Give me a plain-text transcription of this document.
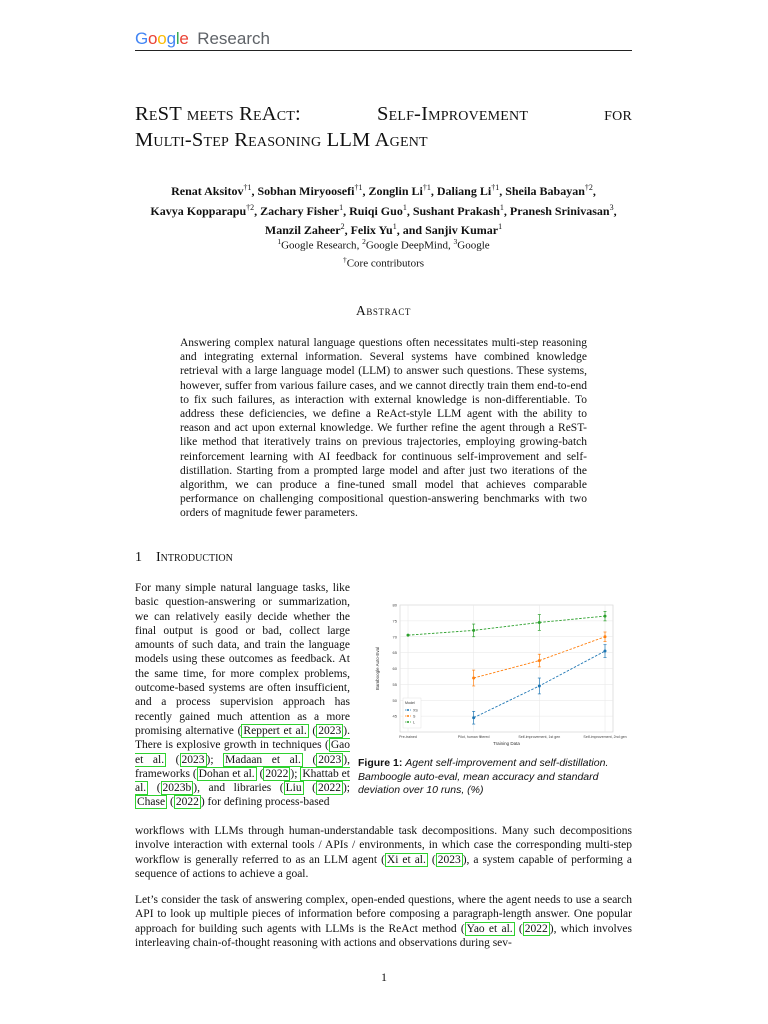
Google Research
ReST meets ReAct:	Self-Improvement	for
Multi-Step Reasoning LLM Agent
Renat Aksitov$^{\dagger 1}$, Sobhan Miryoosefi$^{\dagger 1}$, Zonglin Li$^{\dagger 1}$, Daliang Li$^{\dagger 1}$, Sheila Babayan$^{\dagger 2}$,
Kavya Kopparapu$^{\dagger 2}$, Zachary Fisher$^1$, Ruiqi Guo$^1$, Sushant Prakash$^1$, Pranesh Srinivasan$^3$,
Manzil Zaheer$^2$, Felix Yu$^1$, and Sanjiv Kumar$^1$
$^1$Google Research, $^2$Google DeepMind, $^3$Google
†Core contributors
Abstract
Answering complex natural language questions often necessitates multi-step reasoning and integrating external information. Several systems have combined knowledge retrieval with a large language model (LLM) to answer such questions. These systems, however, suffer from various failure cases, and we cannot directly train them end-to-end to fix such failures, as interaction with external knowledge is non-differentiable. To address these deficiencies, we define a ReAct-style LLM agent with the ability to reason and act upon external knowledge. We further refine the agent through a ReST-like method that iteratively trains on previous trajectories, employing growing-batch reinforcement learning with AI feedback for continuous self-improvement and self-distillation. Starting from a prompted large model and after just two iterations of the algorithm, we can produce a fine-tuned small model that achieves comparable performance on challenging compositional question-answering benchmarks with two orders of magnitude fewer parameters.
1 Introduction
For many simple natural language tasks, like basic question-answering or summarization, we can relatively easily decide whether the final output is good or bad, collect large amounts of such data, and train the language models using these outcomes as feedback. At the same time, for more complex problems, outcome-based systems are often insufficient, and a process supervision approach has recently gained much attention as a more promising alternative ( Reppert et al. ( 2023 ). There is explosive growth in techniques ( Gao et al. ( 2023 ); Madaan et al. ( 2023 ), frameworks ( Dohan et al. ( 2022 ); Khattab et al. ( 2023b ), and libraries ( Liu ( 2022 ); Chase ( 2022 ) for defining process-based
45
50
55
60
65
70
75
80
Pre-trained	Pilot, human filtered	Self-improvement, 1st gen	Self-improvement, 2nd gen
Training Data
Bamboogle Auto-Eval
Model
XS
S
L
Figure 1: Agent self-improvement and self-distillation. Bamboogle auto-eval, mean accuracy and standard deviation over 10 runs, (%)
workflows with LLMs through human-understandable task decompositions. Many such decompositions involve interaction with external tools / APIs / environments, in which case the corresponding multi-step workflow is generally referred to as an LLM agent ( Xi et al. ( 2023 ), a system capable of performing a sequence of actions to achieve a goal.
Let’s consider the task of answering complex, open-ended questions, where the agent needs to use a search API to look up multiple pieces of information before composing a paragraph-length answer. One popular approach for building such agents with LLMs is the ReAct method ( Yao et al. ( 2022 ), which involves interleaving chain-of-thought reasoning with actions and observations during sev-
1
